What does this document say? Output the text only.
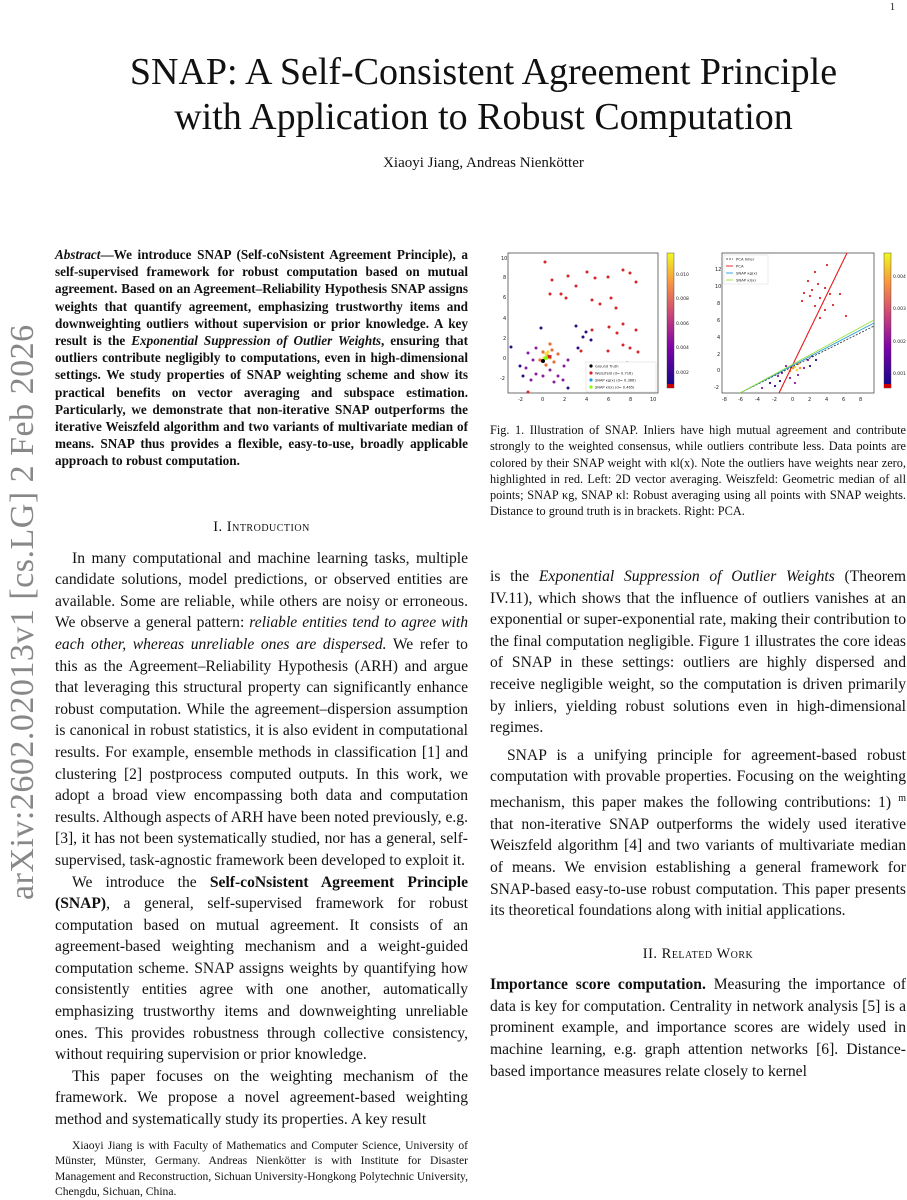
1
SNAP: A Self-Consistent Agreement Principle
with Application to Robust Computation
Xiaoyi Jiang, Andreas Nienkötter
arXiv:2602.02013v1 [cs.LG] 2 Feb 2026
Abstract—We introduce SNAP (Self-coNsistent Agreement Principle), a self-supervised framework for robust computation based on mutual agreement. Based on an Agreement–Reliability Hypothesis SNAP assigns weights that quantify agreement, emphasizing trustworthy items and downweighting outliers without supervision or prior knowledge. A key result is the Exponential Suppression of Outlier Weights, ensuring that outliers contribute negligibly to computations, even in high-dimensional settings. We study properties of SNAP weighting scheme and show its practical benefits on vector averaging and subspace estimation. Particularly, we demonstrate that non-iterative SNAP outperforms the iterative Weiszfeld algorithm and two variants of multivariate median of means. SNAP thus provides a flexible, easy-to-use, broadly applicable approach to robust computation.
I. Introduction

In many computational and machine learning tasks, multiple candidate solutions, model predictions, or observed entities are available. Some are reliable, while others are noisy or erroneous. We observe a general pattern: reliable entities tend to agree with each other, whereas unreliable ones are dispersed. We refer to this as the Agreement–Reliability Hypothesis (ARH) and argue that leveraging this structural property can significantly enhance robust computation. While the agreement–dispersion assumption is canonical in robust statistics, it is also evident in computational results. For example, ensemble methods in classification [1] and clustering [2] postprocess computed outputs. In this work, we adopt a broad view encompassing both data and computation results. Although aspects of ARH have been noted previously, e.g. [3], it has not been systematically studied, nor has a general, self-supervised, task-agnostic framework been developed to exploit it.

We introduce the Self-coNsistent Agreement Principle (SNAP), a general, self-supervised framework for robust computation based on mutual agreement. It consists of an agreement-based weighting mechanism and a weight-guided computation scheme. SNAP assigns weights by quantifying how consistently entities agree with one another, automatically emphasizing trustworthy items and downweighting unreliable ones. This provides robustness through collective consistency, without requiring supervision or prior knowledge.

This paper focuses on the weighting mechanism of the framework. We propose a novel agreement-based weighting method and systematically study its properties. A key result

Xiaoyi Jiang is with Faculty of Mathematics and Computer Science, University of Münster, Münster, Germany. Andreas Nienkötter is with Institute for Disaster Management and Reconstruction, Sichuan University-Hongkong Polytechnic University, Chengdu, Sichuan, China.

10
8
6
4
2
0
-2
-2	0	2	4	6	8	10
Ground Truth
Weiszfeld (d= 0.716)
SNAP κg(x) (d= 0.366)
SNAP κl(x) (d= 0.465)
0.010
0.008
0.006
0.004
0.002
12
10
8
6
4
2
0
-2
-8 -6 -4 -2	0	2	4	6	8
PCA Inlier
PCA
SNAP κg(x)
SNAP κl(x)	0.004
0.003
0.002
0.001
Fig. 1. Illustration of SNAP. Inliers have high mutual agreement and contribute strongly to the weighted consensus, while outliers contribute less. Data points are colored by their SNAP weight with κl(x). Note the outliers have weights near zero, highlighted in red. Left: 2D vector averaging. Weiszfeld: Geometric median of all points; SNAP κg, SNAP κl: Robust averaging using all points with SNAP weights. Distance to ground truth is in brackets. Right: PCA.

is the Exponential Suppression of Outlier Weights (Theorem IV.11), which shows that the influence of outliers vanishes at an exponential or super-exponential rate, making their contribution to the final computation negligible. Figure 1 illustrates the core ideas of SNAP in these settings: outliers are highly dispersed and receive negligible weight, so the computation is driven primarily by inliers, yielding robust solutions even in high-dimensional regimes.

SNAP is a unifying principle for agreement-based robust computation with provable properties. Focusing on the weighting mechanism, this paper makes the following contributions: 1) $^m$ that non-iterative SNAP outperforms the widely used iterative Weiszfeld algorithm [4] and two variants of multivariate median of means. We envision establishing a general framework for SNAP-based easy-to-use robust computation. This paper presents its theoretical foundations along with initial applications.

II. Related Work

Importance score computation. Measuring the importance of data is key for computation. Centrality in network analysis [5] is a prominent example, and importance scores are widely used in machine learning, e.g. graph attention networks [6]. Distance-based importance measures relate closely to kernel
